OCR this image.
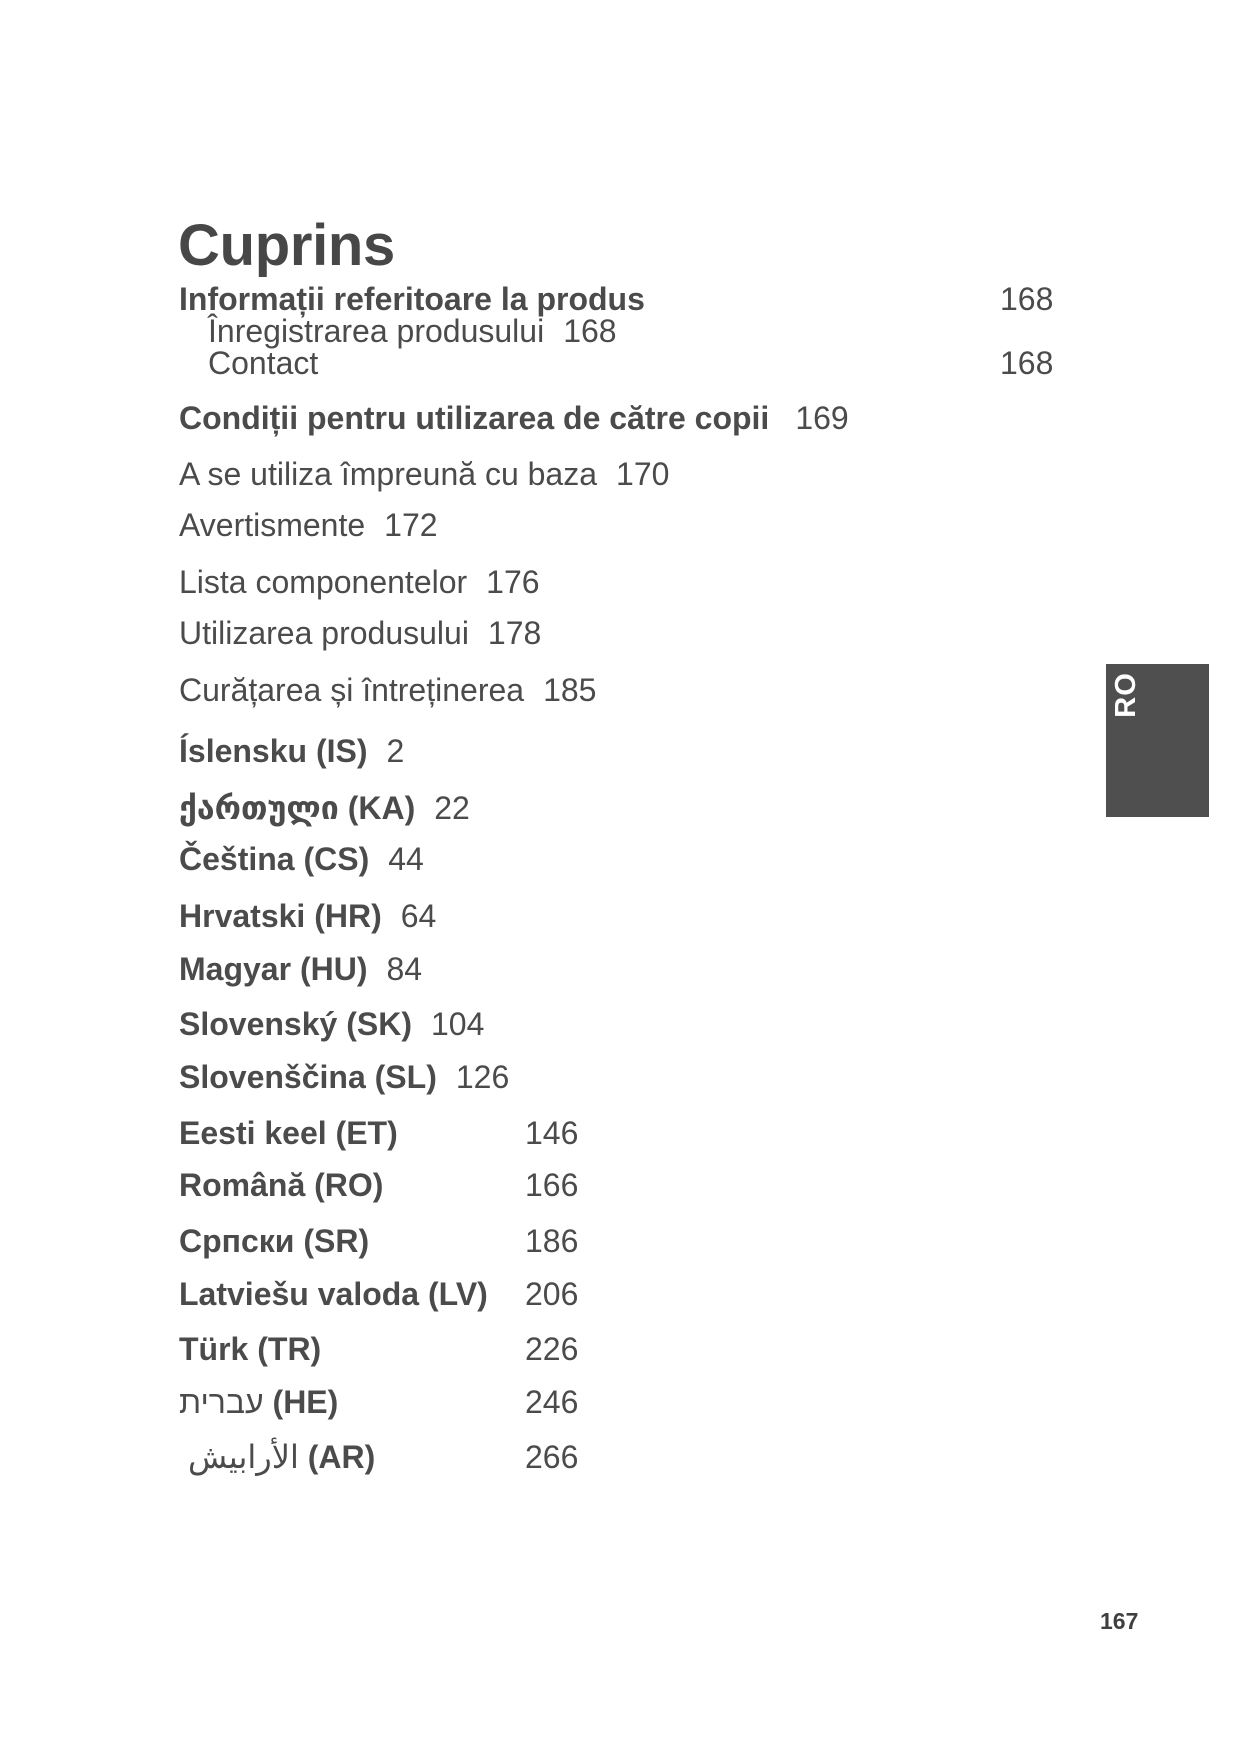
Cuprins
Informații referitoare la produs	168
Înregistrarea produsului 168
Contact	168
Condiții pentru utilizarea de către copii 169
A se utiliza împreună cu baza 170
Avertismente 172
Lista componentelor 176
Utilizarea produsului 178
Curățarea și întreținerea 185
Íslensku (IS) 2
ქართული (KA) 22
Čeština (CS) 44
Hrvatski (HR) 64
Magyar (HU) 84
Slovenský (SK) 104
Slovenščina (SL) 126
Eesti keel (ET)	146
Română (RO)	166
Српски (SR)	186
Latviešu valoda (LV) 206
Türk (TR)	226
עברית (HE)	246
الأرابيش (AR)	266
RO
167
